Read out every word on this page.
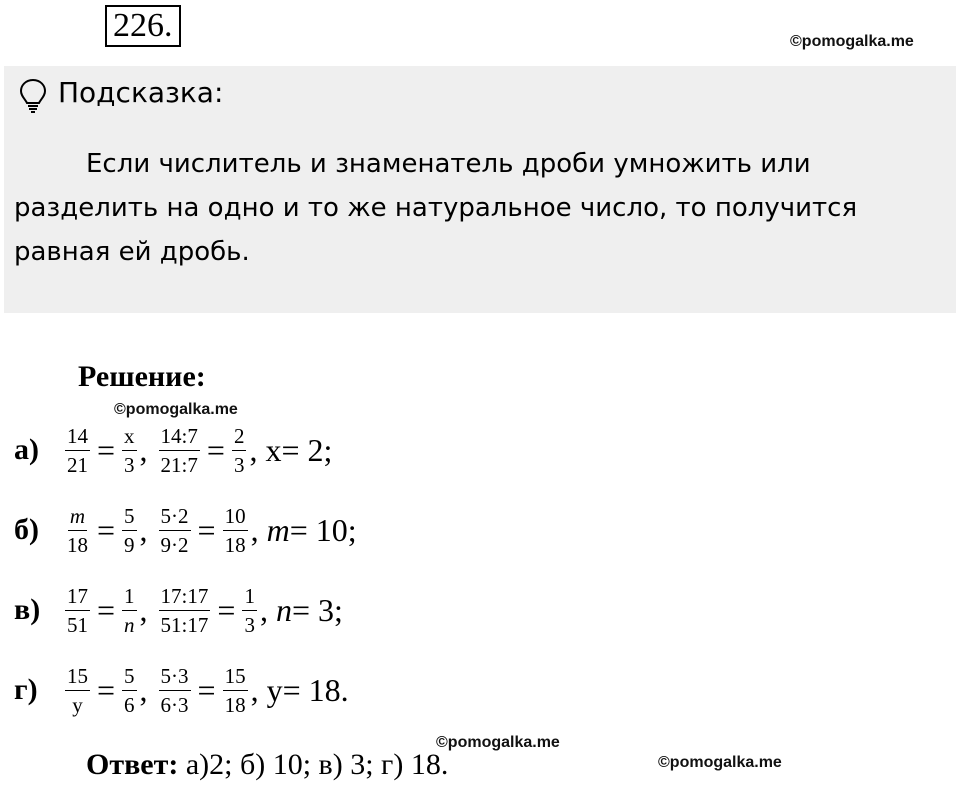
226.	©pomogalka.me
Подсказка:
Если числитель и знаменатель дроби умножить или разделить на одно и то же натуральное число, то получится равная ей дробь.
Решение:
©pomogalka.me
а)	$\frac{14}{21} = \frac{x}{3}$ , $\frac{14:7}{21:7} = \frac{2}{3}$ , x = 2;
б)	$\frac{m}{18} = \frac{5}{9}$ , $\frac{5\cdot 2}{9\cdot 2} = \frac{10}{18}$ , m = 10;
в)	$\frac{17}{51} = \frac{1}{n}$ , $\frac{17:17}{51:17} = \frac{1}{3}$ , n = 3;
г)	$\frac{15}{y} = \frac{5}{6}$ , $\frac{5\cdot 3}{6\cdot 3} = \frac{15}{18}$ , y = 18.
©pomogalka.me
©pomogalka.me
Ответ: а)2; б) 10; в) 3; г) 18.
